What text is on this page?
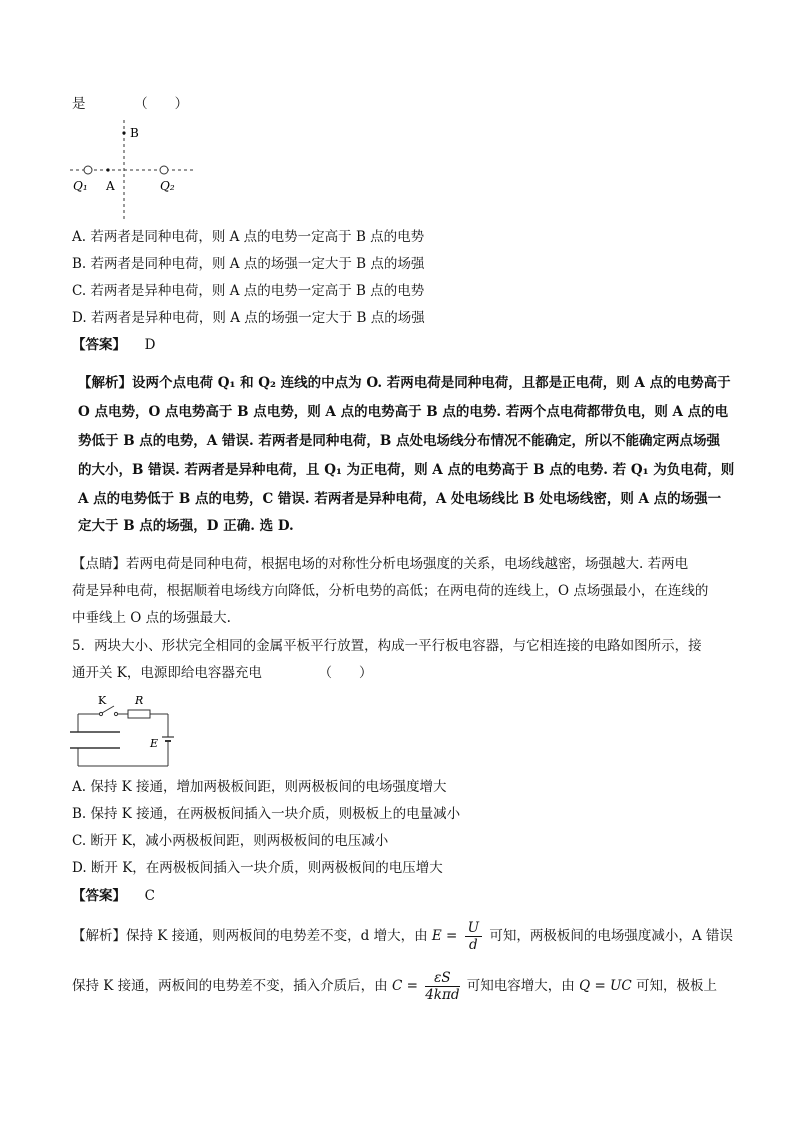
是	（　　）
B
A
Q₁	Q₂
A. 若两者是同种电荷，则 A 点的电势一定高于 B 点的电势
B. 若两者是同种电荷，则 A 点的场强一定大于 B 点的场强
C. 若两者是异种电荷，则 A 点的电势一定高于 B 点的电势
D. 若两者是异种电荷，则 A 点的场强一定大于 B 点的场强
【答案】 D
【解析】设两个点电荷 Q₁ 和 Q₂ 连线的中点为 O. 若两电荷是同种电荷，且都是正电荷，则 A 点的电势高于
O 点电势，O 点电势高于 B 点电势，则 A 点的电势高于 B 点的电势. 若两个点电荷都带负电，则 A 点的电
势低于 B 点的电势，A 错误. 若两者是同种电荷，B 点处电场线分布情况不能确定，所以不能确定两点场强
的大小，B 错误. 若两者是异种电荷，且 Q₁ 为正电荷，则 A 点的电势高于 B 点的电势. 若 Q₁ 为负电荷，则
A 点的电势低于 B 点的电势，C 错误. 若两者是异种电荷，A 处电场线比 B 处电场线密，则 A 点的场强一
定大于 B 点的场强，D 正确. 选 D.
【点睛】若两电荷是同种电荷，根据电场的对称性分析电场强度的关系，电场线越密，场强越大. 若两电
荷是异种电荷，根据顺着电场线方向降低，分析电势的高低；在两电荷的连线上，O 点场强最小，在连线的
中垂线上 O 点的场强最大.
5．两块大小、形状完全相同的金属平板平行放置，构成一平行板电容器，与它相连接的电路如图所示，接
通开关 K，电源即给电容器充电	（　　）
K	R
E
A. 保持 K 接通，增加两极板间距，则两极板间的电场强度增大
B. 保持 K 接通，在两极板间插入一块介质，则极板上的电量减小
C. 断开 K，减小两极板间距，则两极板间的电压减小
D. 断开 K，在两极板间插入一块介质，则两极板间的电压增大
【答案】 C
【解析】保持 K 接通，则两板间的电势差不变，d 增大，由 $E = \frac{U}{d}$ 可知，两极板间的电场强度减小，A 错误
保持 K 接通，两板间的电势差不变，插入介质后，由 $C = \frac{\varepsilon S}{\text{4kπd}}$ 可知电容增大，由 Q = UC 可知，极板上
